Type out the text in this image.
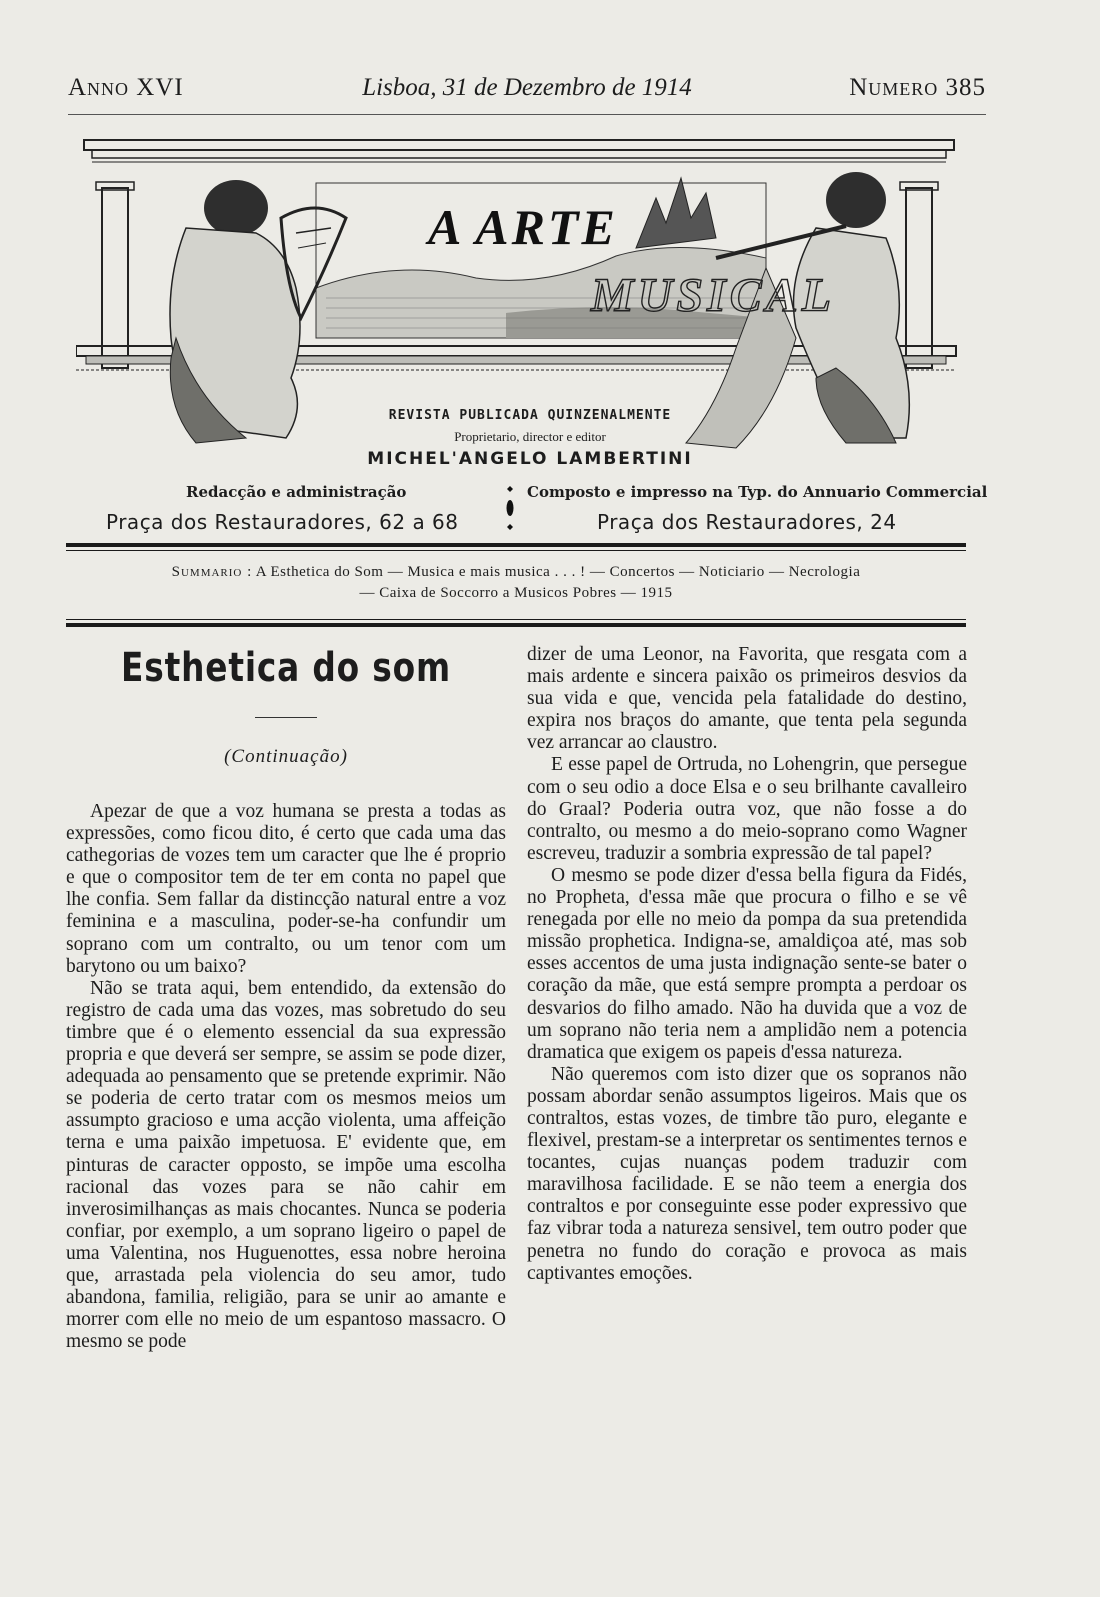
Anno XVI	Lisboa, 31 de Dezembro de 1914	Numero 385
A ARTE
MUSICAL
REVISTA PUBLICADA QUINZENALMENTE
Proprietario, director e editor
MICHEL'ANGELO LAMBERTINI
Redacção e administração	Composto e impresso na Typ. do Annuario Commercial
Praça dos Restauradores, 62 a 68	Praça dos Restauradores, 24
Summario : A Esthetica do Som — Musica e mais musica . . . ! — Concertos — Noticiario — Necrologia
— Caixa de Soccorro a Musicos Pobres — 1915
Esthetica do som
(Continuação)

Apezar de que a voz humana se presta a todas as expressões, como ficou dito, é certo que cada uma das cathegorias de vozes tem um caracter que lhe é proprio e que o compositor tem de ter em conta no papel que lhe confia. Sem fallar da distincção natural entre a voz feminina e a masculina, poder-se-ha confundir um soprano com um contralto, ou um tenor com um barytono ou um baixo?

Não se trata aqui, bem entendido, da extensão do registro de cada uma das vozes, mas sobretudo do seu timbre que é o elemento essencial da sua expressão propria e que deverá ser sempre, se assim se pode dizer, adequada ao pensamento que se pretende exprimir. Não se poderia de certo tratar com os mesmos meios um assumpto gracioso e uma acção violenta, uma affeição terna e uma paixão impetuosa. E' evidente que, em pinturas de caracter opposto, se impõe uma escolha racional das vozes para se não cahir em inverosimilhanças as mais chocantes. Nunca se poderia confiar, por exemplo, a um soprano ligeiro o papel de uma Valentina, nos Huguenottes, essa nobre heroina que, arrastada pela violencia do seu amor, tudo abandona, familia, religião, para se unir ao amante e morrer com elle no meio de um espantoso massacro. O mesmo se pode

dizer de uma Leonor, na Favorita, que resgata com a mais ardente e sincera paixão os primeiros desvios da sua vida e que, vencida pela fatalidade do destino, expira nos braços do amante, que tenta pela segunda vez arrancar ao claustro.

E esse papel de Ortruda, no Lohengrin, que persegue com o seu odio a doce Elsa e o seu brilhante cavalleiro do Graal? Poderia outra voz, que não fosse a do contralto, ou mesmo a do meio-soprano como Wagner escreveu, traduzir a sombria expressão de tal papel?

O mesmo se pode dizer d'essa bella figura da Fidés, no Propheta, d'essa mãe que procura o filho e se vê renegada por elle no meio da pompa da sua pretendida missão prophetica. Indigna-se, amaldiçoa até, mas sob esses accentos de uma justa indignação sente-se bater o coração da mãe, que está sempre prompta a perdoar os desvarios do filho amado. Não ha duvida que a voz de um soprano não teria nem a amplidão nem a potencia dramatica que exigem os papeis d'essa natureza.

Não queremos com isto dizer que os sopranos não possam abordar senão assumptos ligeiros. Mais que os contraltos, estas vozes, de timbre tão puro, elegante e flexivel, prestam-se a interpretar os sentimentes ternos e tocantes, cujas nuanças podem traduzir com maravilhosa facilidade. E se não teem a energia dos contraltos e por conseguinte esse poder expressivo que faz vibrar toda a natureza sensivel, tem outro poder que penetra no fundo do coração e provoca as mais captivantes emoções.
